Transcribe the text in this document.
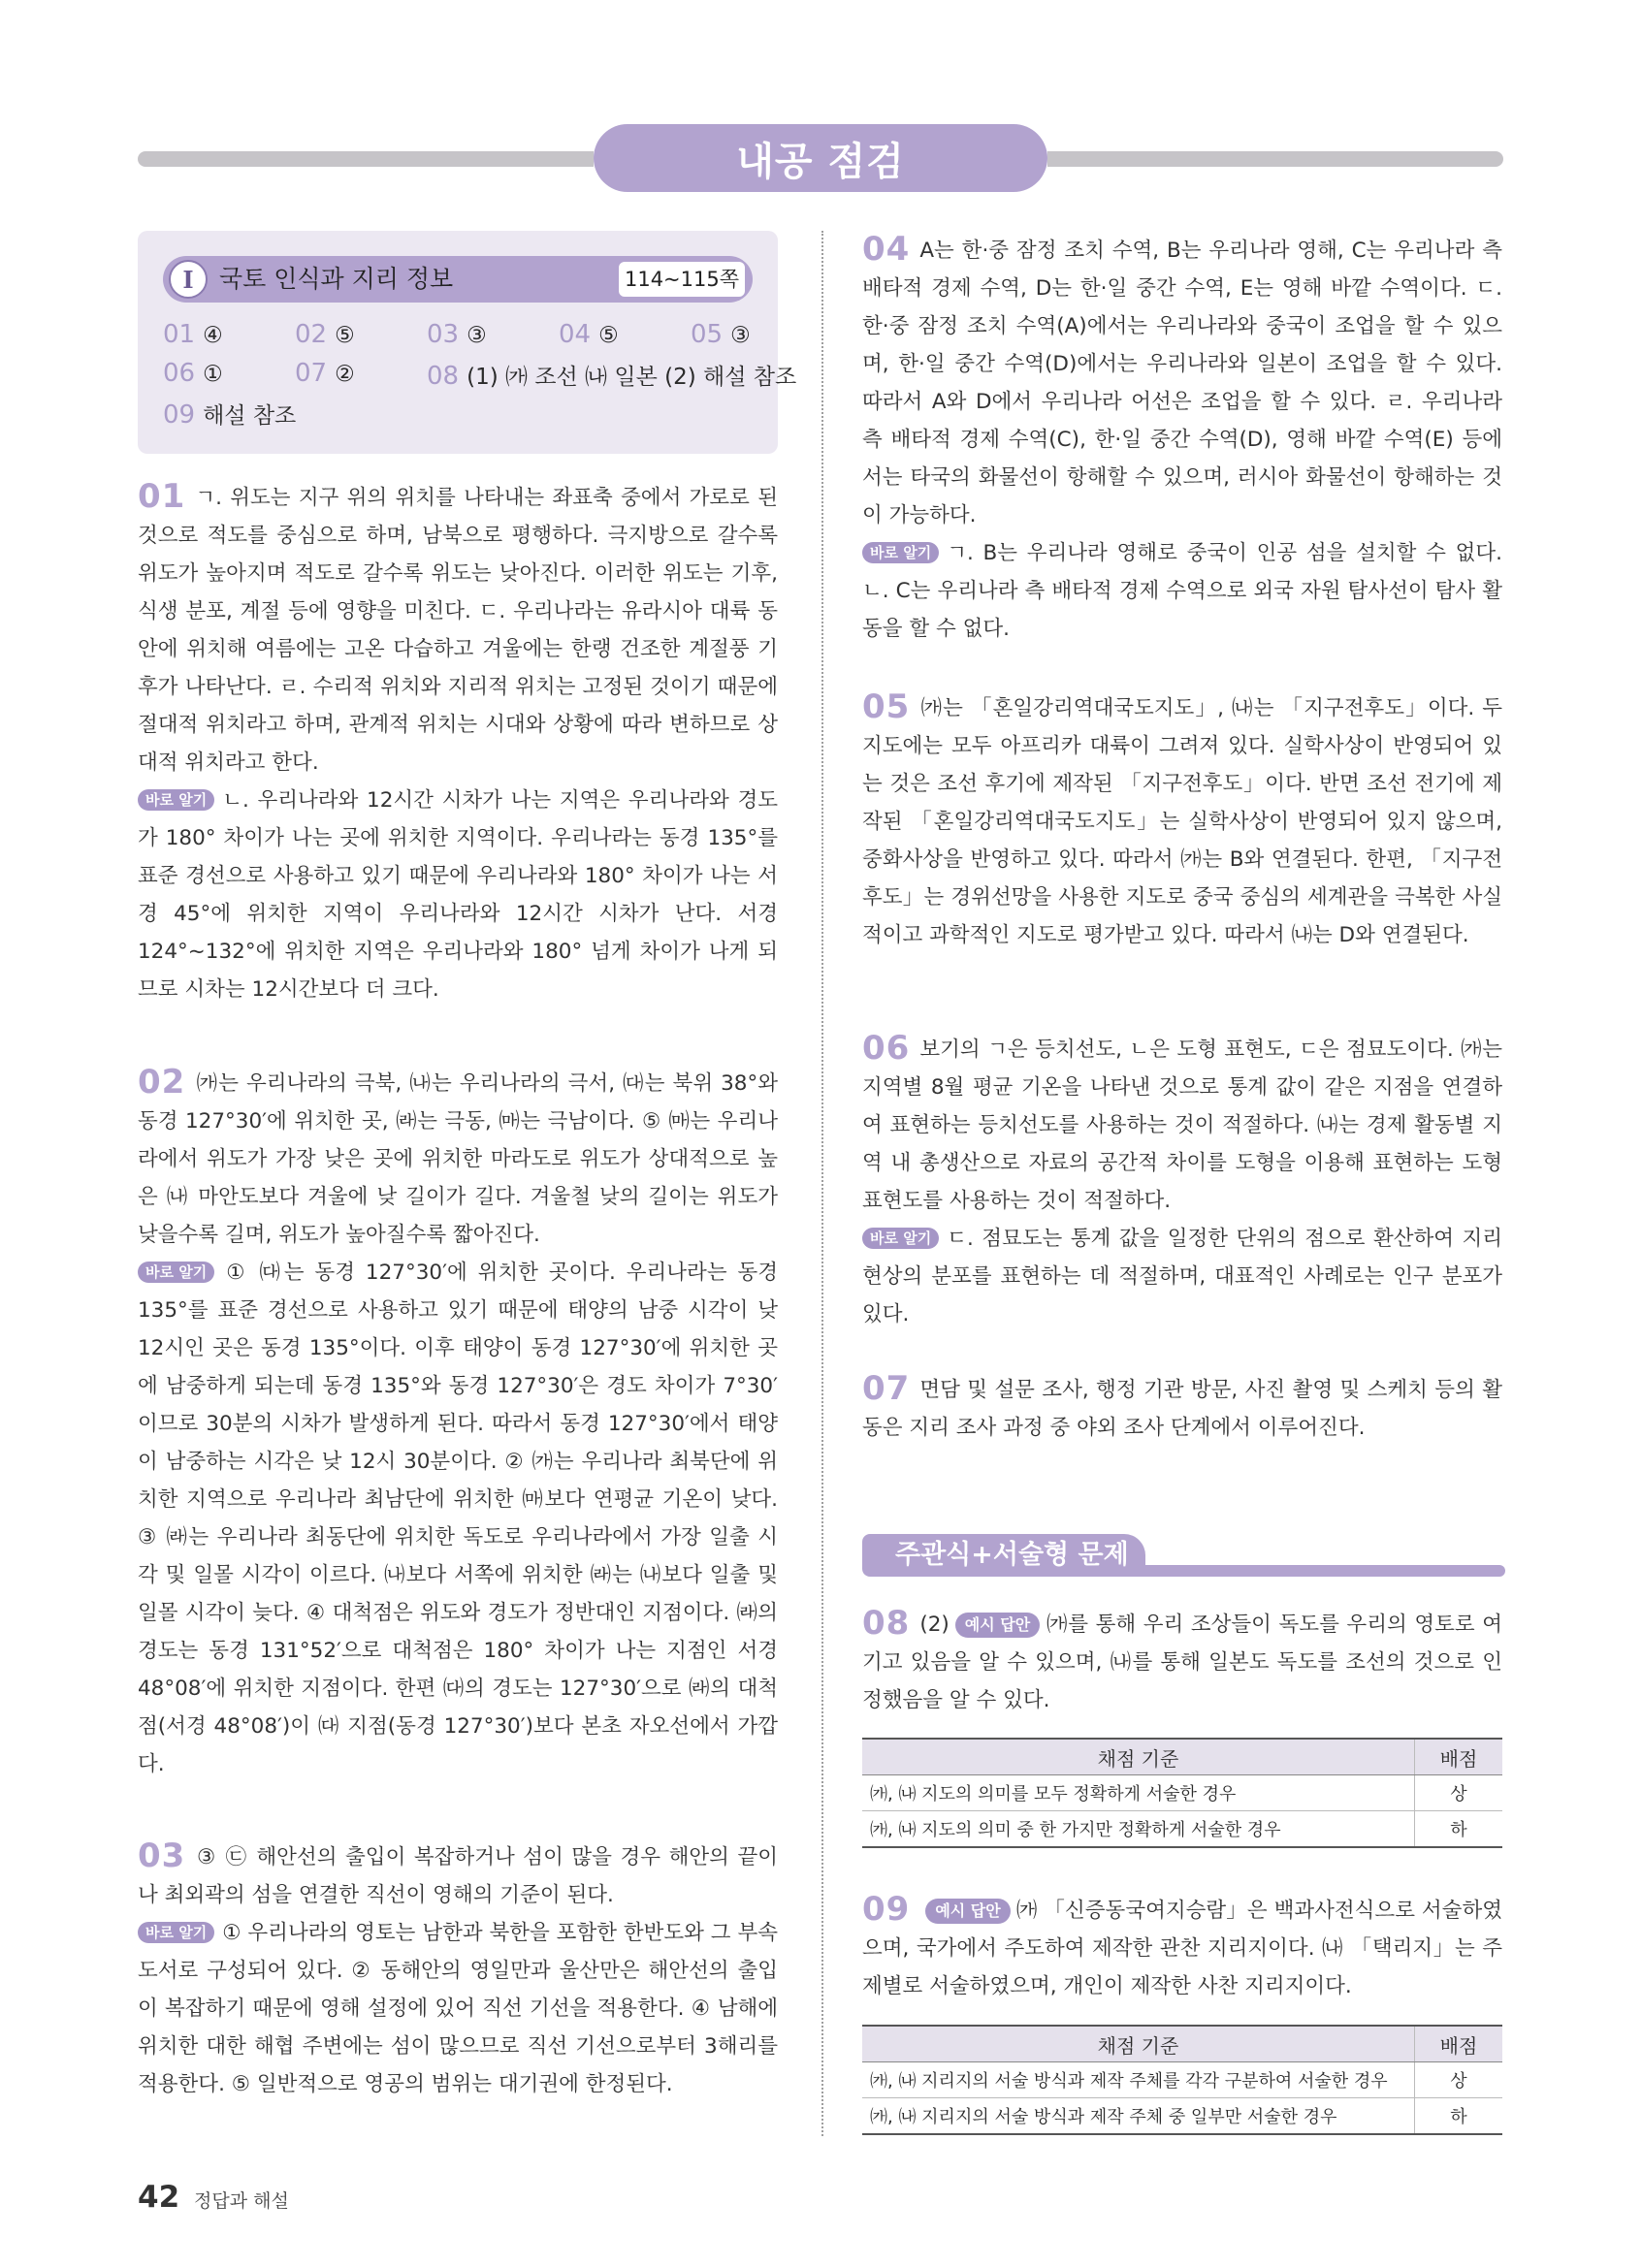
내공 점검
I	국토 인식과 지리 정보	114~115쪽
01 ④	02 ⑤	03 ③	04 ⑤	05 ③
06 ①	07 ②	08 (1) ㈎ 조선 ㈏ 일본 (2) 해설 참조
09 해설 참조
01 ㄱ. 위도는 지구 위의 위치를 나타내는 좌표축 중에서 가로로 된 것으로 적도를 중심으로 하며, 남북으로 평행하다. 극지방으로 갈수록 위도가 높아지며 적도로 갈수록 위도는 낮아진다. 이러한 위도는 기후, 식생 분포, 계절 등에 영향을 미친다. ㄷ. 우리나라는 유라시아 대륙 동안에 위치해 여름에는 고온 다습하고 겨울에는 한랭 건조한 계절풍 기후가 나타난다. ㄹ. 수리적 위치와 지리적 위치는 고정된 것이기 때문에 절대적 위치라고 하며, 관계적 위치는 시대와 상황에 따라 변하므로 상대적 위치라고 한다.
바로 알기 ㄴ. 우리나라와 12시간 시차가 나는 지역은 우리나라와 경도가 180° 차이가 나는 곳에 위치한 지역이다. 우리나라는 동경 135°를 표준 경선으로 사용하고 있기 때문에 우리나라와 180° 차이가 나는 서경 45°에 위치한 지역이 우리나라와 12시간 시차가 난다. 서경 124°~132°에 위치한 지역은 우리나라와 180° 넘게 차이가 나게 되므로 시차는 12시간보다 더 크다.
02 ㈎는 우리나라의 극북, ㈏는 우리나라의 극서, ㈐는 북위 38°와 동경 127°30′에 위치한 곳, ㈑는 극동, ㈒는 극남이다. ⑤ ㈒는 우리나라에서 위도가 가장 낮은 곳에 위치한 마라도로 위도가 상대적으로 높은 ㈏ 마안도보다 겨울에 낮 길이가 길다. 겨울철 낮의 길이는 위도가 낮을수록 길며, 위도가 높아질수록 짧아진다.
바로 알기 ① ㈐는 동경 127°30′에 위치한 곳이다. 우리나라는 동경 135°를 표준 경선으로 사용하고 있기 때문에 태양의 남중 시각이 낮 12시인 곳은 동경 135°이다. 이후 태양이 동경 127°30′에 위치한 곳에 남중하게 되는데 동경 135°와 동경 127°30′은 경도 차이가 7°30′이므로 30분의 시차가 발생하게 된다. 따라서 동경 127°30′에서 태양이 남중하는 시각은 낮 12시 30분이다. ② ㈎는 우리나라 최북단에 위치한 지역으로 우리나라 최남단에 위치한 ㈒보다 연평균 기온이 낮다. ③ ㈑는 우리나라 최동단에 위치한 독도로 우리나라에서 가장 일출 시각 및 일몰 시각이 이르다. ㈏보다 서쪽에 위치한 ㈑는 ㈏보다 일출 및 일몰 시각이 늦다. ④ 대척점은 위도와 경도가 정반대인 지점이다. ㈑의 경도는 동경 131°52′으로 대척점은 180° 차이가 나는 지점인 서경 48°08′에 위치한 지점이다. 한편 ㈐의 경도는 127°30′으로 ㈑의 대척점(서경 48°08′)이 ㈐ 지점(동경 127°30′)보다 본초 자오선에서 가깝다.
03 ③ ㉢ 해안선의 출입이 복잡하거나 섬이 많을 경우 해안의 끝이나 최외곽의 섬을 연결한 직선이 영해의 기준이 된다.
바로 알기 ① 우리나라의 영토는 남한과 북한을 포함한 한반도와 그 부속 도서로 구성되어 있다. ② 동해안의 영일만과 울산만은 해안선의 출입이 복잡하기 때문에 영해 설정에 있어 직선 기선을 적용한다. ④ 남해에 위치한 대한 해협 주변에는 섬이 많으므로 직선 기선으로부터 3해리를 적용한다. ⑤ 일반적으로 영공의 범위는 대기권에 한정된다.
04 A는 한·중 잠정 조치 수역, B는 우리나라 영해, C는 우리나라 측 배타적 경제 수역, D는 한·일 중간 수역, E는 영해 바깥 수역이다. ㄷ. 한·중 잠정 조치 수역(A)에서는 우리나라와 중국이 조업을 할 수 있으며, 한·일 중간 수역(D)에서는 우리나라와 일본이 조업을 할 수 있다. 따라서 A와 D에서 우리나라 어선은 조업을 할 수 있다. ㄹ. 우리나라 측 배타적 경제 수역(C), 한·일 중간 수역(D), 영해 바깥 수역(E) 등에서는 타국의 화물선이 항해할 수 있으며, 러시아 화물선이 항해하는 것이 가능하다.
바로 알기 ㄱ. B는 우리나라 영해로 중국이 인공 섬을 설치할 수 없다. ㄴ. C는 우리나라 측 배타적 경제 수역으로 외국 자원 탐사선이 탐사 활동을 할 수 없다.
05 ㈎는 「혼일강리역대국도지도」, ㈏는 「지구전후도」이다. 두 지도에는 모두 아프리카 대륙이 그려져 있다. 실학사상이 반영되어 있는 것은 조선 후기에 제작된 「지구전후도」이다. 반면 조선 전기에 제작된 「혼일강리역대국도지도」는 실학사상이 반영되어 있지 않으며, 중화사상을 반영하고 있다. 따라서 ㈎는 B와 연결된다. 한편, 「지구전후도」는 경위선망을 사용한 지도로 중국 중심의 세계관을 극복한 사실적이고 과학적인 지도로 평가받고 있다. 따라서 ㈏는 D와 연결된다.
06 보기의 ㄱ은 등치선도, ㄴ은 도형 표현도, ㄷ은 점묘도이다. ㈎는 지역별 8월 평균 기온을 나타낸 것으로 통계 값이 같은 지점을 연결하여 표현하는 등치선도를 사용하는 것이 적절하다. ㈏는 경제 활동별 지역 내 총생산으로 자료의 공간적 차이를 도형을 이용해 표현하는 도형 표현도를 사용하는 것이 적절하다.
바로 알기 ㄷ. 점묘도는 통계 값을 일정한 단위의 점으로 환산하여 지리 현상의 분포를 표현하는 데 적절하며, 대표적인 사례로는 인구 분포가 있다.
07 면담 및 설문 조사, 행정 기관 방문, 사진 촬영 및 스케치 등의 활동은 지리 조사 과정 중 야외 조사 단계에서 이루어진다.
주관식+서술형 문제
08 (2) 예시 답안 ㈎를 통해 우리 조상들이 독도를 우리의 영토로 여기고 있음을 알 수 있으며, ㈏를 통해 일본도 독도를 조선의 것으로 인정했음을 알 수 있다.
채점 기준	배점
㈎, ㈏ 지도의 의미를 모두 정확하게 서술한 경우	상
㈎, ㈏ 지도의 의미 중 한 가지만 정확하게 서술한 경우	하
09 예시 답안 ㈎ 「신증동국여지승람」은 백과사전식으로 서술하였으며, 국가에서 주도하여 제작한 관찬 지리지이다. ㈏ 「택리지」는 주제별로 서술하였으며, 개인이 제작한 사찬 지리지이다.
채점 기준	배점
㈎, ㈏ 지리지의 서술 방식과 제작 주체를 각각 구분하여 서술한 경우	상
㈎, ㈏ 지리지의 서술 방식과 제작 주체 중 일부만 서술한 경우	하
42 정답과 해설
